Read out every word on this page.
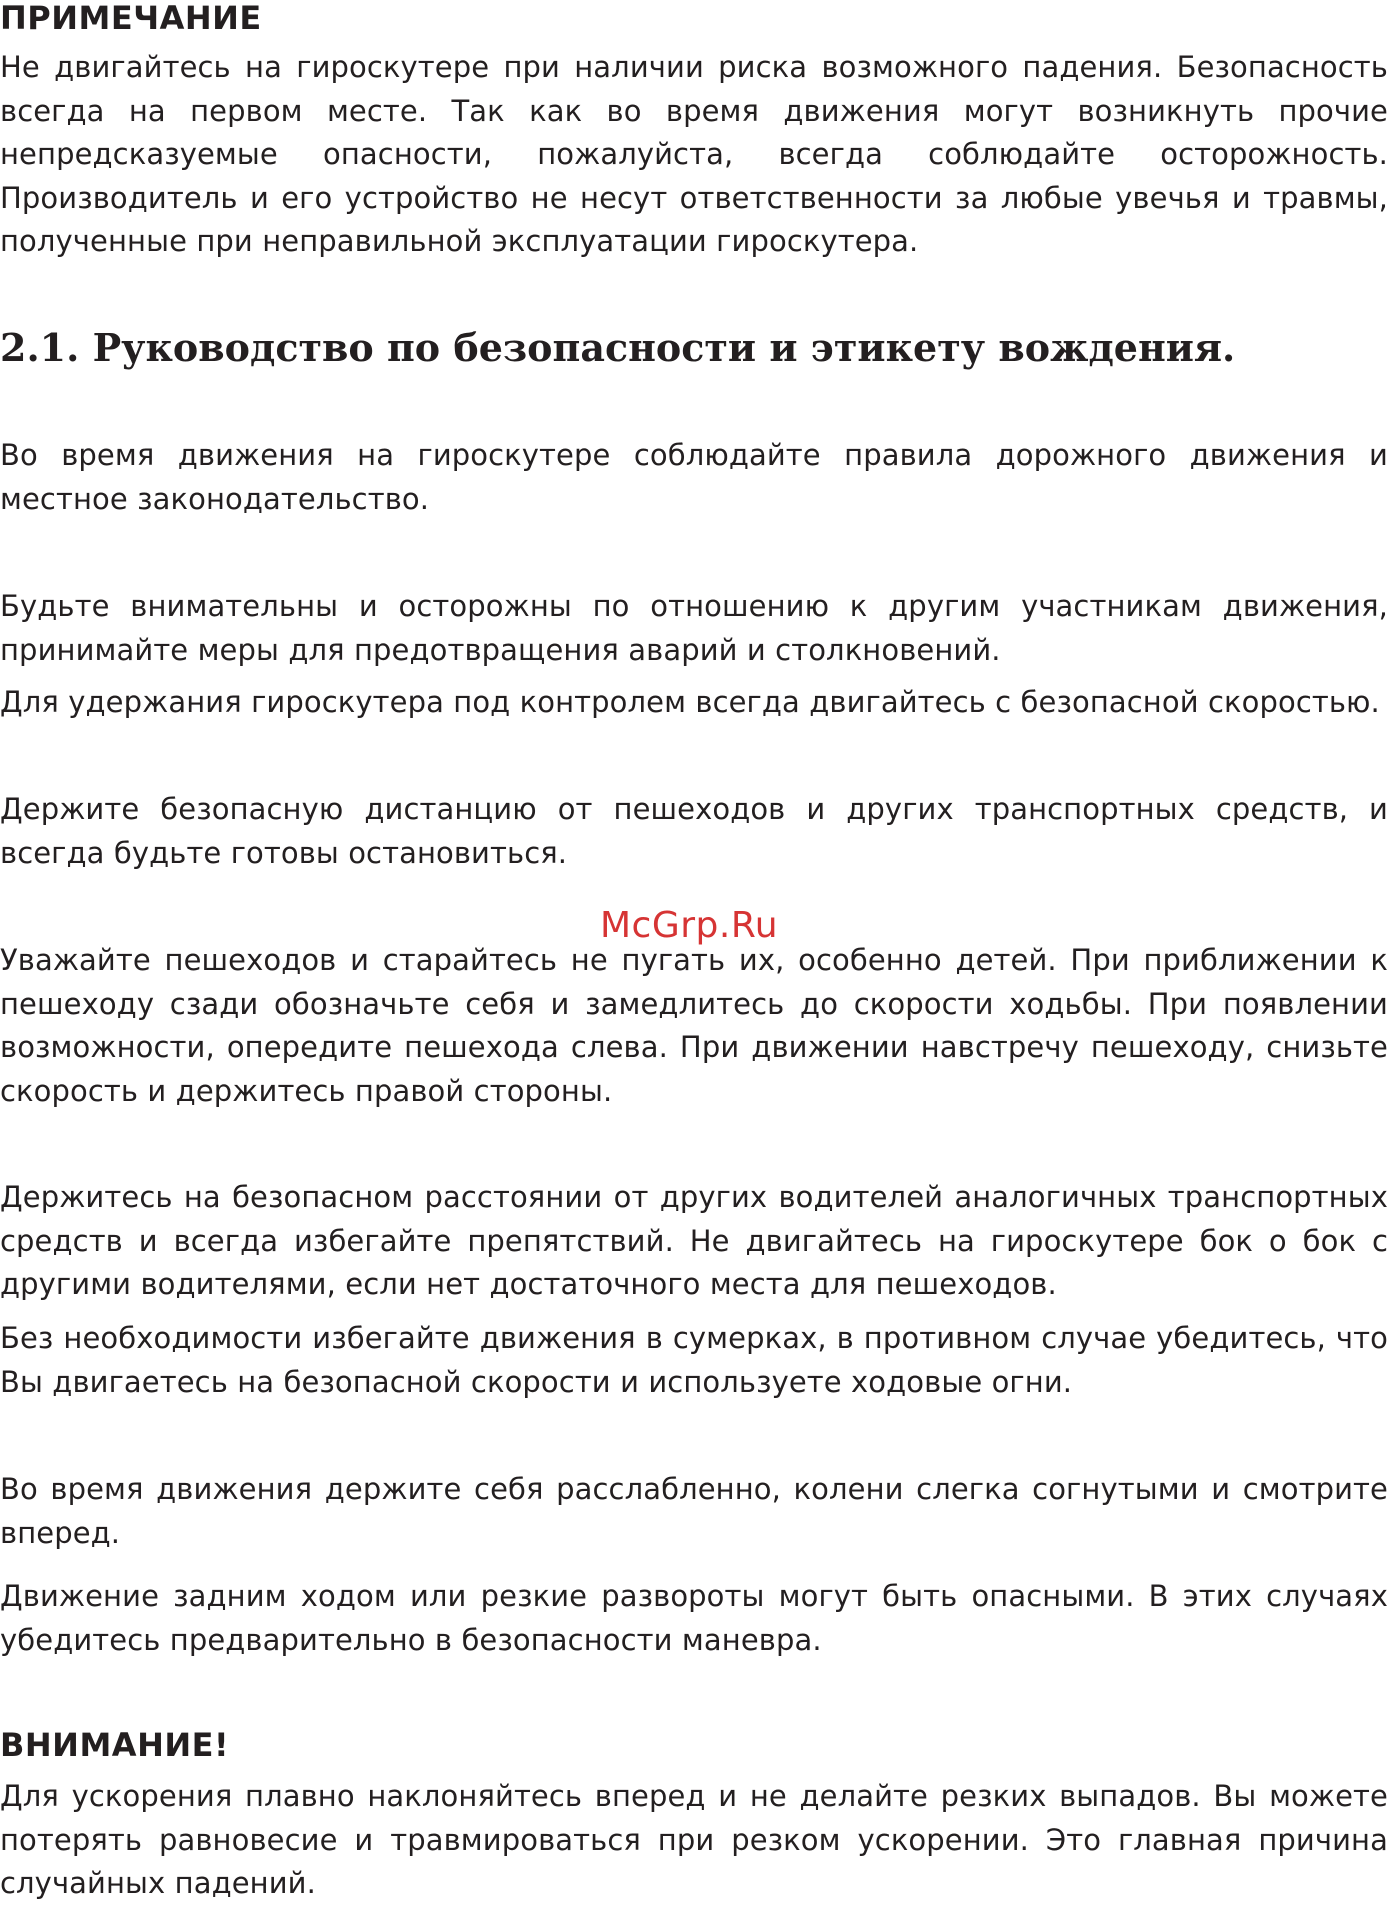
ПРИМЕЧАНИЕ

Не двигайтесь на гироскутере при наличии риска возможного падения. Безопасность всегда на первом месте. Так как во время движения могут возникнуть прочие непредсказуемые опасности, пожалуйста, всегда соблюдайте осторожность. Производитель и его устройство не несут ответственности за любые увечья и травмы, полученные при неправильной эксплуатации гироскутера.

2.1. Руководство по безопасности и этикету вождения.

Во время движения на гироскутере соблюдайте правила дорожного движения и местное законодательство.

Будьте внимательны и осторожны по отношению к другим участникам движения, принимайте меры для предотвращения аварий и столкновений.

Для удержания гироскутера под контролем всегда двигайтесь с безопасной скоростью.

Держите безопасную дистанцию от пешеходов и других транспортных средств, и всегда будьте готовы остановиться.

Уважайте пешеходов и старайтесь не пугать их, особенно детей. При приближении к пешеходу сзади обозначьте себя и замедлитесь до скорости ходьбы. При появлении возможности, опередите пешехода слева. При движении навстречу пешеходу, снизьте скорость и держитесь правой стороны.

Держитесь на безопасном расстоянии от других водителей аналогичных транспортных средств и всегда избегайте препятствий. Не двигайтесь на гироскутере бок о бок с другими водителями, если нет достаточного места для пешеходов.

Без необходимости избегайте движения в сумерках, в противном случае убедитесь, что Вы двигаетесь на безопасной скорости и используете ходовые огни.

Во время движения держите себя расслабленно, колени слегка согнутыми и смотрите вперед.

Движение задним ходом или резкие развороты могут быть опасными. В этих случаях убедитесь предварительно в безопасности маневра.

ВНИМАНИЕ!

Для ускорения плавно наклоняйтесь вперед и не делайте резких выпадов. Вы можете потерять равновесие и травмироваться при резком ускорении. Это главная причина случайных падений.

McGrp.Ru
